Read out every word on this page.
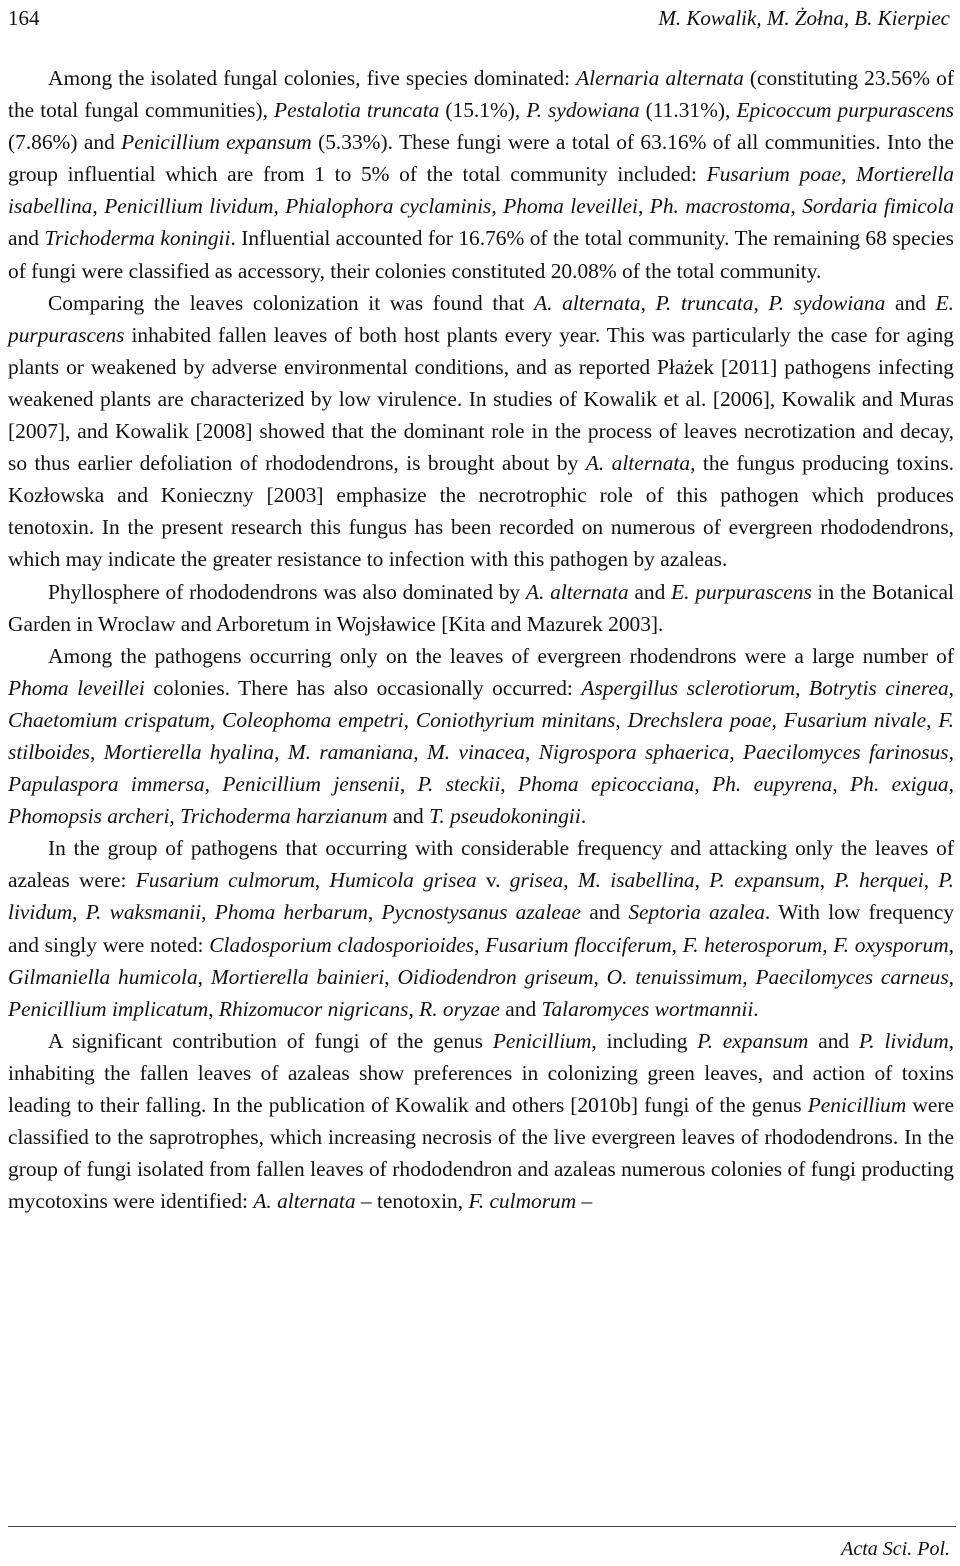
164	M. Kowalik, M. Żołna, B. Kierpiec

Among the isolated fungal colonies, five species dominated: Alernaria alternata (constituting 23.56% of the total fungal communities), Pestalotia truncata (15.1%), P. sydowiana (11.31%), Epicoccum purpurascens (7.86%) and Penicillium expansum (5.33%). These fungi were a total of 63.16% of all communities. Into the group influential which are from 1 to 5% of the total community included: Fusarium poae, Mortierella isabellina, Penicillium lividum, Phialophora cyclaminis, Phoma leveillei, Ph. macrostoma, Sordaria fimicola and Trichoderma koningii. Influential accounted for 16.76% of the total community. The remaining 68 species of fungi were classified as accessory, their colonies constituted 20.08% of the total community.

Comparing the leaves colonization it was found that A. alternata, P. truncata, P. sydowiana and E. purpurascens inhabited fallen leaves of both host plants every year. This was particularly the case for aging plants or weakened by adverse environmental conditions, and as reported Płażek [2011] pathogens infecting weakened plants are characterized by low virulence. In studies of Kowalik et al. [2006], Kowalik and Muras [2007], and Kowalik [2008] showed that the dominant role in the process of leaves necrotization and decay, so thus earlier defoliation of rhododendrons, is brought about by A. alternata, the fungus producing toxins. Kozłowska and Konieczny [2003] emphasize the necrotrophic role of this pathogen which produces tenotoxin. In the present research this fungus has been recorded on numerous of evergreen rhododendrons, which may indicate the greater resistance to infection with this pathogen by azaleas.

Phyllosphere of rhododendrons was also dominated by A. alternata and E. purpurascens in the Botanical Garden in Wroclaw and Arboretum in Wojsławice [Kita and Mazurek 2003].

Among the pathogens occurring only on the leaves of evergreen rhodendrons were a large number of Phoma leveillei colonies. There has also occasionally occurred: Aspergillus sclerotiorum, Botrytis cinerea, Chaetomium crispatum, Coleophoma empetri, Coniothyrium minitans, Drechslera poae, Fusarium nivale, F. stilboides, Mortierella hyalina, M. ramaniana, M. vinacea, Nigrospora sphaerica, Paecilomyces farinosus, Papulaspora immersa, Penicillium jensenii, P. steckii, Phoma epicocciana, Ph. eupyrena, Ph. exigua, Phomopsis archeri, Trichoderma harzianum and T. pseudokoningii.

In the group of pathogens that occurring with considerable frequency and attacking only the leaves of azaleas were: Fusarium culmorum, Humicola grisea v. grisea, M. isabellina, P. expansum, P. herquei, P. lividum, P. waksmanii, Phoma herbarum, Pycnostysanus azaleae and Septoria azalea. With low frequency and singly were noted: Cladosporium cladosporioides, Fusarium flocciferum, F. heterosporum, F. oxysporum, Gilmaniella humicola, Mortierella bainieri, Oidiodendron griseum, O. tenuissimum, Paecilomyces carneus, Penicillium implicatum, Rhizomucor nigricans, R. oryzae and Talaromyces wortmannii.

A significant contribution of fungi of the genus Penicillium, including P. expansum and P. lividum, inhabiting the fallen leaves of azaleas show preferences in colonizing green leaves, and action of toxins leading to their falling. In the publication of Kowalik and others [2010b] fungi of the genus Penicillium were classified to the saprotrophes, which increasing necrosis of the live evergreen leaves of rhododendrons. In the group of fungi isolated from fallen leaves of rhododendron and azaleas numerous colonies of fungi producting mycotoxins were identified: A. alternata – tenotoxin, F. culmorum –

Acta Sci. Pol.
